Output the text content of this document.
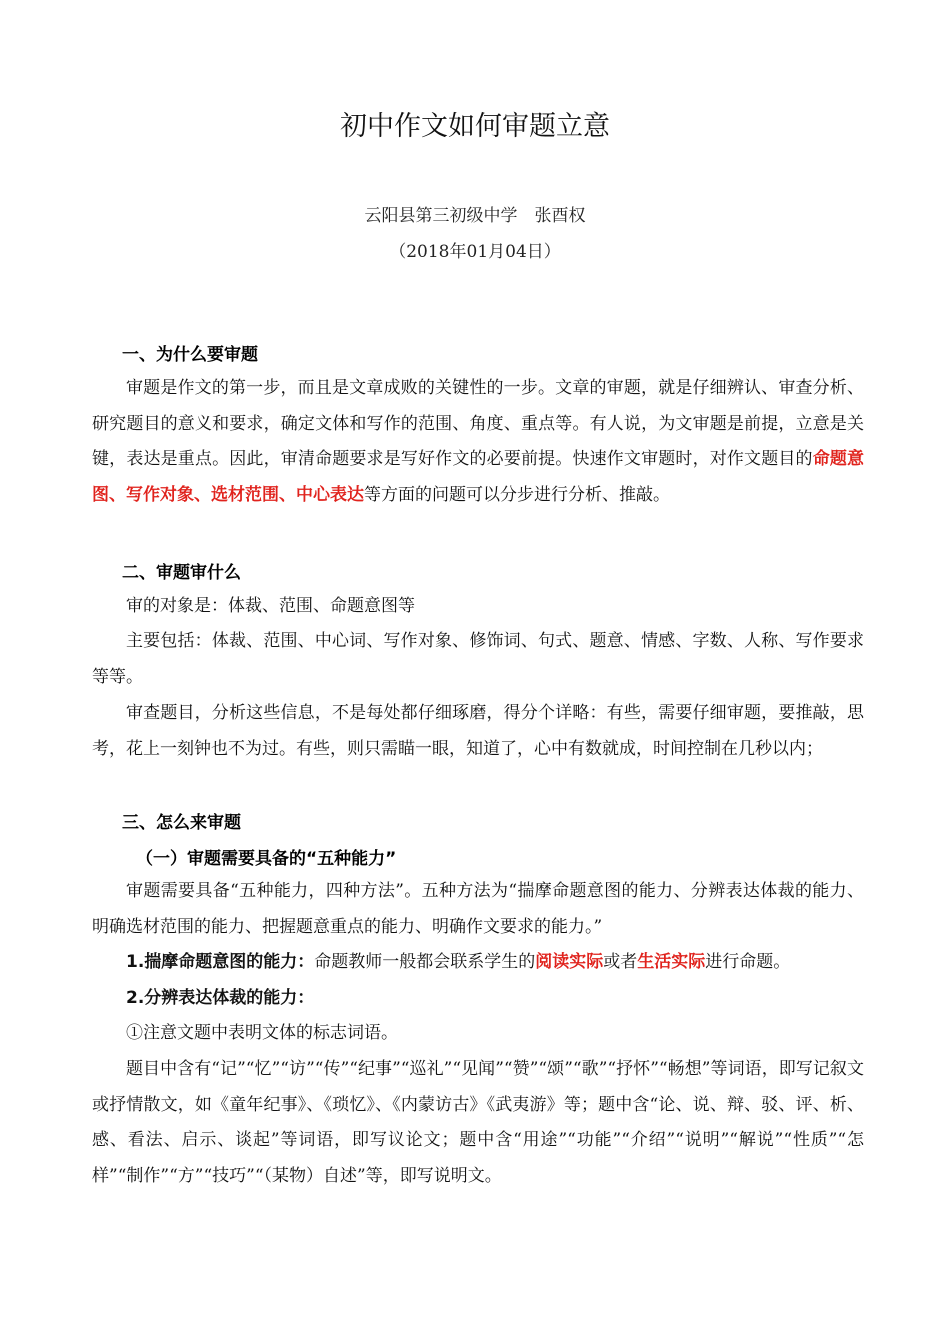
初中作文如何审题立意
云阳县第三初级中学　张酉权
（2018年01月04日）
一、为什么要审题

审题是作文的第一步，而且是文章成败的关键性的一步。文章的审题，就是仔细辨认、审查分析、研究题目的意义和要求，确定文体和写作的范围、角度、重点等。有人说，为文审题是前提，立意是关键，表达是重点。因此，审清命题要求是写好作文的必要前提。快速作文审题时，对作文题目的命题意图、写作对象、选材范围、中心表达等方面的问题可以分步进行分析、推敲。

二、审题审什么

审的对象是：体裁、范围、命题意图等

主要包括：体裁、范围、中心词、写作对象、修饰词、句式、题意、情感、字数、人称、写作要求等等。

审查题目，分析这些信息，不是每处都仔细琢磨，得分个详略：有些，需要仔细审题，要推敲，思考，花上一刻钟也不为过。有些，则只需瞄一眼，知道了，心中有数就成，时间控制在几秒以内；

三、怎么来审题
（一）审题需要具备的“五种能力”

审题需要具备“五种能力，四种方法”。五种方法为“揣摩命题意图的能力、分辨表达体裁的能力、明确选材范围的能力、把握题意重点的能力、明确作文要求的能力。”

1.揣摩命题意图的能力：命题教师一般都会联系学生的阅读实际或者生活实际进行命题。

2.分辨表达体裁的能力：

①注意文题中表明文体的标志词语。

题目中含有“记”“忆”“访”“传”“纪事”“巡礼”“见闻”“赞”“颂”“歌”“抒怀”“畅想”等词语，即写记叙文或抒情散文，如《童年纪事》、《琐忆》、《内蒙访古》《武夷游》等；题中含“论、说、辩、驳、评、析、感、看法、启示、谈起”等词语，即写议论文；题中含“用途”“功能”“介绍”“说明”“解说”“性质”“怎样”“制作”“方”“技巧”“（某物）自述”等，即写说明文。
